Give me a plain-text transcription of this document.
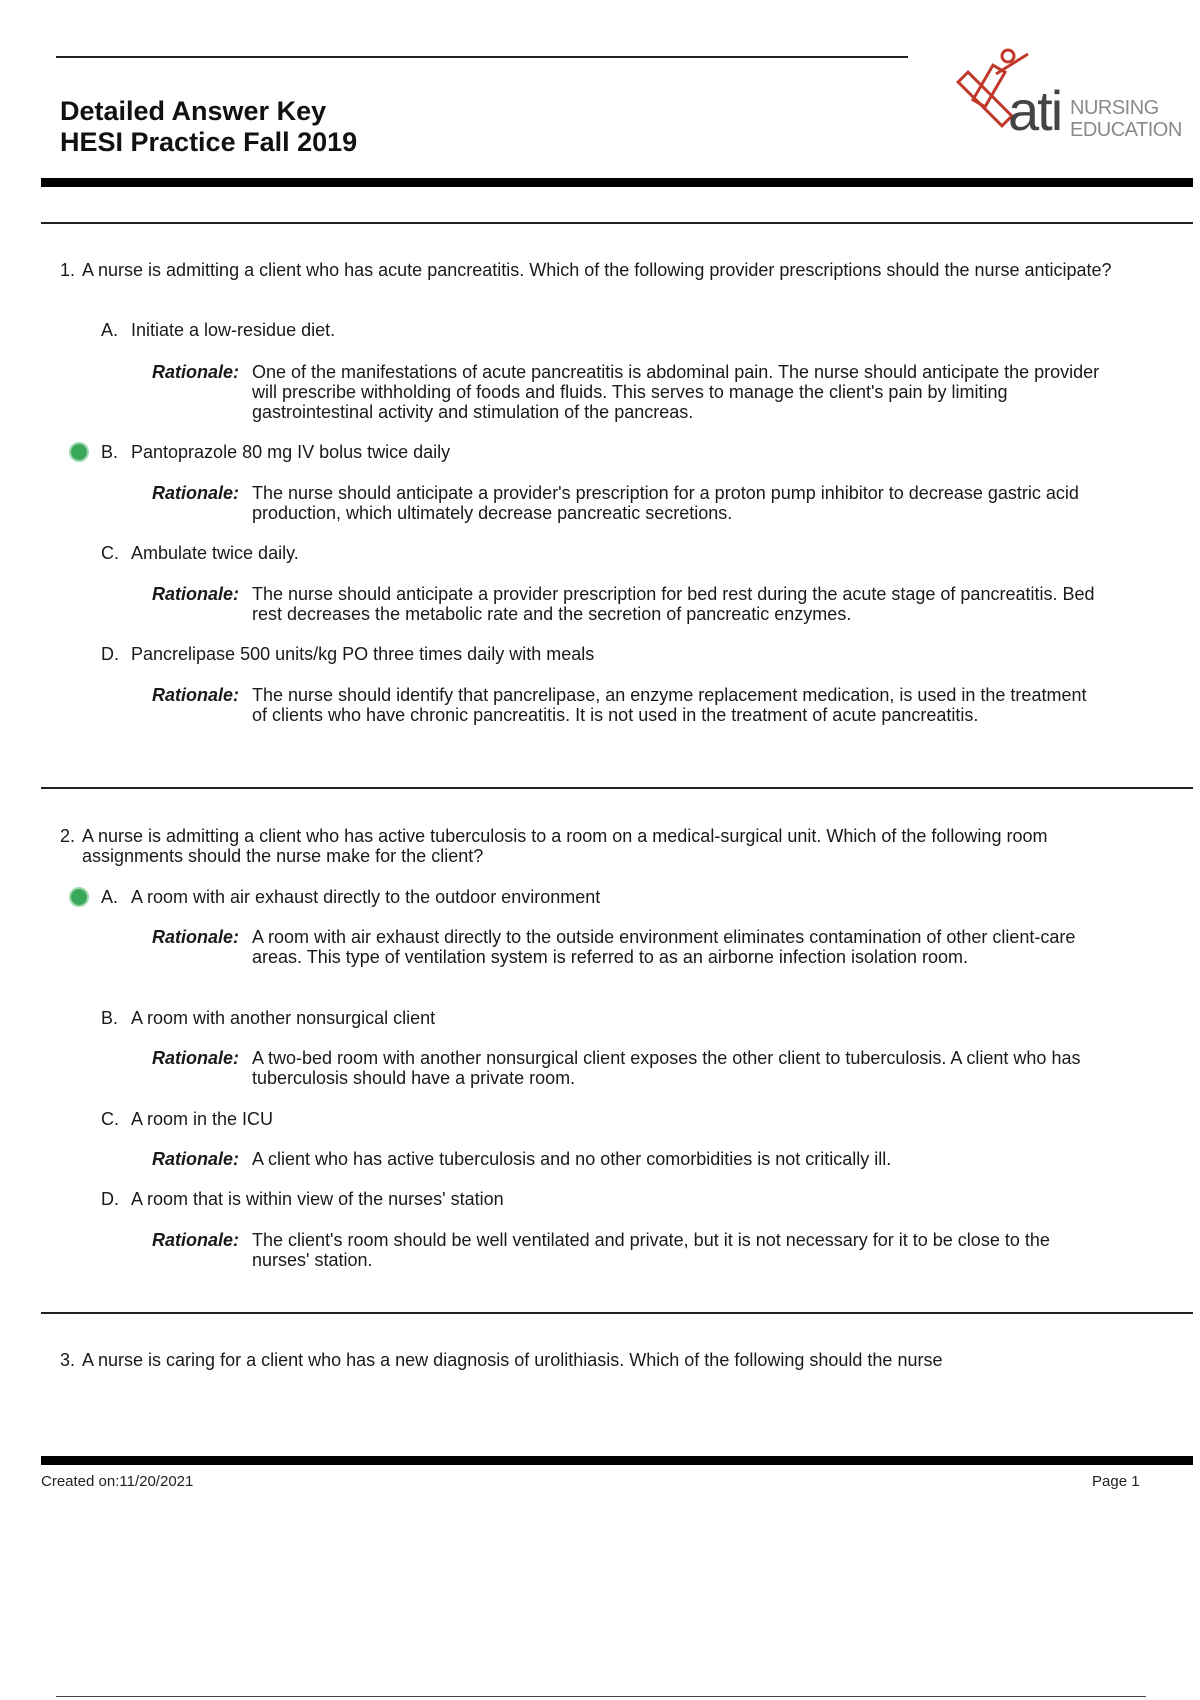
Detailed Answer Key
HESI Practice Fall 2019	ati NURSING
EDUCATION
1. A nurse is admitting a client who has acute pancreatitis. Which of the following provider prescriptions should the nurse anticipate?
A. Initiate a low-residue diet.
Rationale: One of the manifestations of acute pancreatitis is abdominal pain. The nurse should anticipate the provider will prescribe withholding of foods and fluids. This serves to manage the client's pain by limiting gastrointestinal activity and stimulation of the pancreas.
B. Pantoprazole 80 mg IV bolus twice daily
Rationale: The nurse should anticipate a provider's prescription for a proton pump inhibitor to decrease gastric acid production, which ultimately decrease pancreatic secretions.
C. Ambulate twice daily.
Rationale: The nurse should anticipate a provider prescription for bed rest during the acute stage of pancreatitis. Bed rest decreases the metabolic rate and the secretion of pancreatic enzymes.
D. Pancrelipase 500 units/kg PO three times daily with meals
Rationale: The nurse should identify that pancrelipase, an enzyme replacement medication, is used in the treatment of clients who have chronic pancreatitis. It is not used in the treatment of acute pancreatitis.
2. A nurse is admitting a client who has active tuberculosis to a room on a medical-surgical unit. Which of the following room assignments should the nurse make for the client?
A. A room with air exhaust directly to the outdoor environment
Rationale: A room with air exhaust directly to the outside environment eliminates contamination of other client-care areas. This type of ventilation system is referred to as an airborne infection isolation room.
B. A room with another nonsurgical client
Rationale: A two-bed room with another nonsurgical client exposes the other client to tuberculosis. A client who has tuberculosis should have a private room.
C. A room in the ICU
Rationale: A client who has active tuberculosis and no other comorbidities is not critically ill.
D. A room that is within view of the nurses' station
Rationale: The client's room should be well ventilated and private, but it is not necessary for it to be close to the nurses' station.
3. A nurse is caring for a client who has a new diagnosis of urolithiasis. Which of the following should the nurse
Created on:11/20/2021	Page 1
